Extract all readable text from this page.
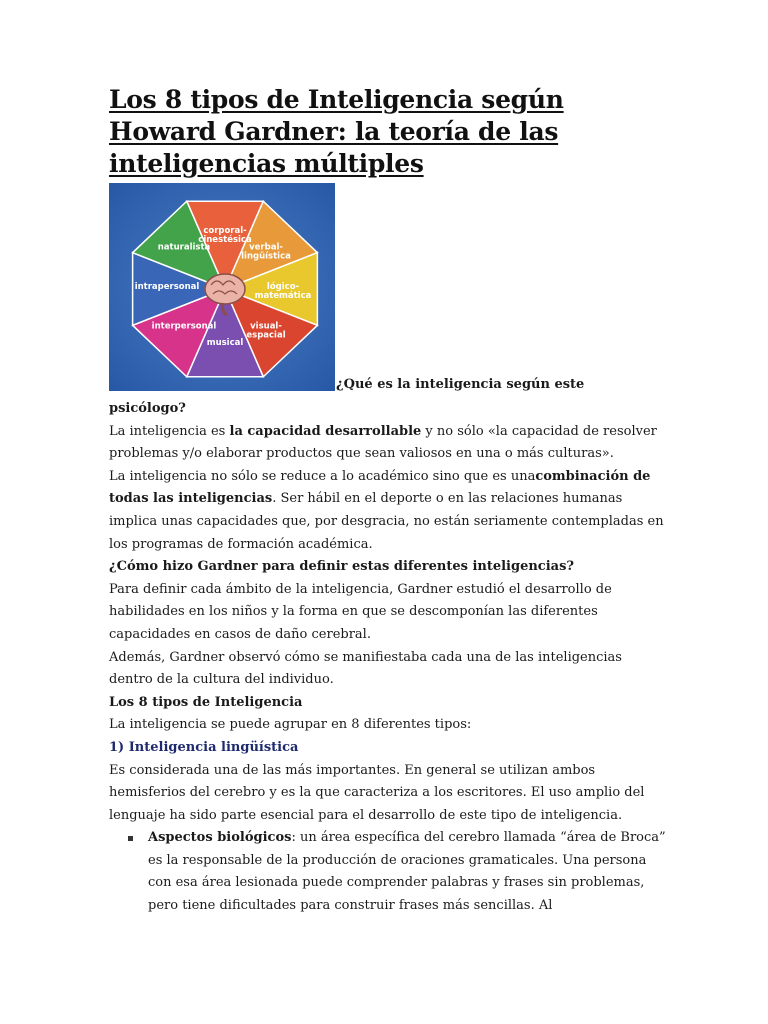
Los 8 tipos de Inteligencia según Howard Gardner: la teoría de las inteligencias múltiples
corporal-cinestésica
verbal-lingüística
lógico-matemática
visual-espacial
musical
interpersonal
intrapersonal
naturalista
¿Qué es la inteligencia según este

psicólogo?

La inteligencia es la capacidad desarrollable y no sólo «la capacidad de resolver problemas y/o elaborar productos que sean valiosos en una o más culturas».

La inteligencia no sólo se reduce a lo académico sino que es unacombinación de todas las inteligencias. Ser hábil en el deporte o en las relaciones humanas implica unas capacidades que, por desgracia, no están seriamente contempladas en los programas de formación académica.

¿Cómo hizo Gardner para definir estas diferentes inteligencias?

Para definir cada ámbito de la inteligencia, Gardner estudió el desarrollo de habilidades en los niños y la forma en que se descomponían las diferentes capacidades en casos de daño cerebral.

Además, Gardner observó cómo se manifiestaba cada una de las inteligencias dentro de la cultura del individuo.

Los 8 tipos de Inteligencia

La inteligencia se puede agrupar en 8 diferentes tipos:

1) Inteligencia lingüística

Es considerada una de las más importantes. En general se utilizan ambos hemisferios del cerebro y es la que caracteriza a los escritores. El uso amplio del lenguaje ha sido parte esencial para el desarrollo de este tipo de inteligencia.

Aspectos biológicos: un área específica del cerebro llamada “área de Broca” es la responsable de la producción de oraciones gramaticales. Una persona con esa área lesionada puede comprender palabras y frases sin problemas, pero tiene dificultades para construir frases más sencillas. Al
